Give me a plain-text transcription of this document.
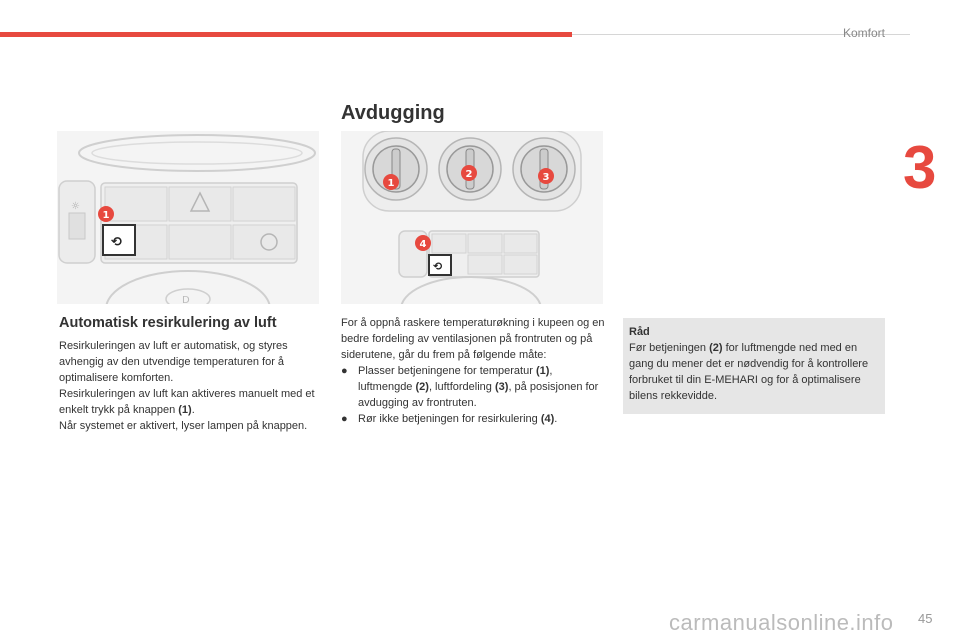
Komfort
3
☼
⟲
1
D
1
2	3
⟲
4
Avdugging
Automatisk resirkulering av luft

Resirkuleringen av luft er automatisk, og styres avhengig av den utvendige temperaturen for å optimalisere komforten.

Resirkuleringen av luft kan aktiveres manuelt med et enkelt trykk på knappen (1).

Når systemet er aktivert, lyser lampen på knappen.

For å oppnå raskere temperaturøkning i kupeen og en bedre fordeling av ventilasjonen på frontruten og på siderutene, går du frem på følgende måte:

● Plasser betjeningene for temperatur (1), luftmengde (2), luftfordeling (3), på posisjonen for avdugging av frontruten.
● Rør ikke betjeningen for resirkulering (4).
Råd
Før betjeningen (2) for luftmengde ned med en gang du mener det er nødvendig for å kontrollere forbruket til din E-MEHARI og for å optimalisere bilens rekkevidde.
carmanualsonline.info 45
